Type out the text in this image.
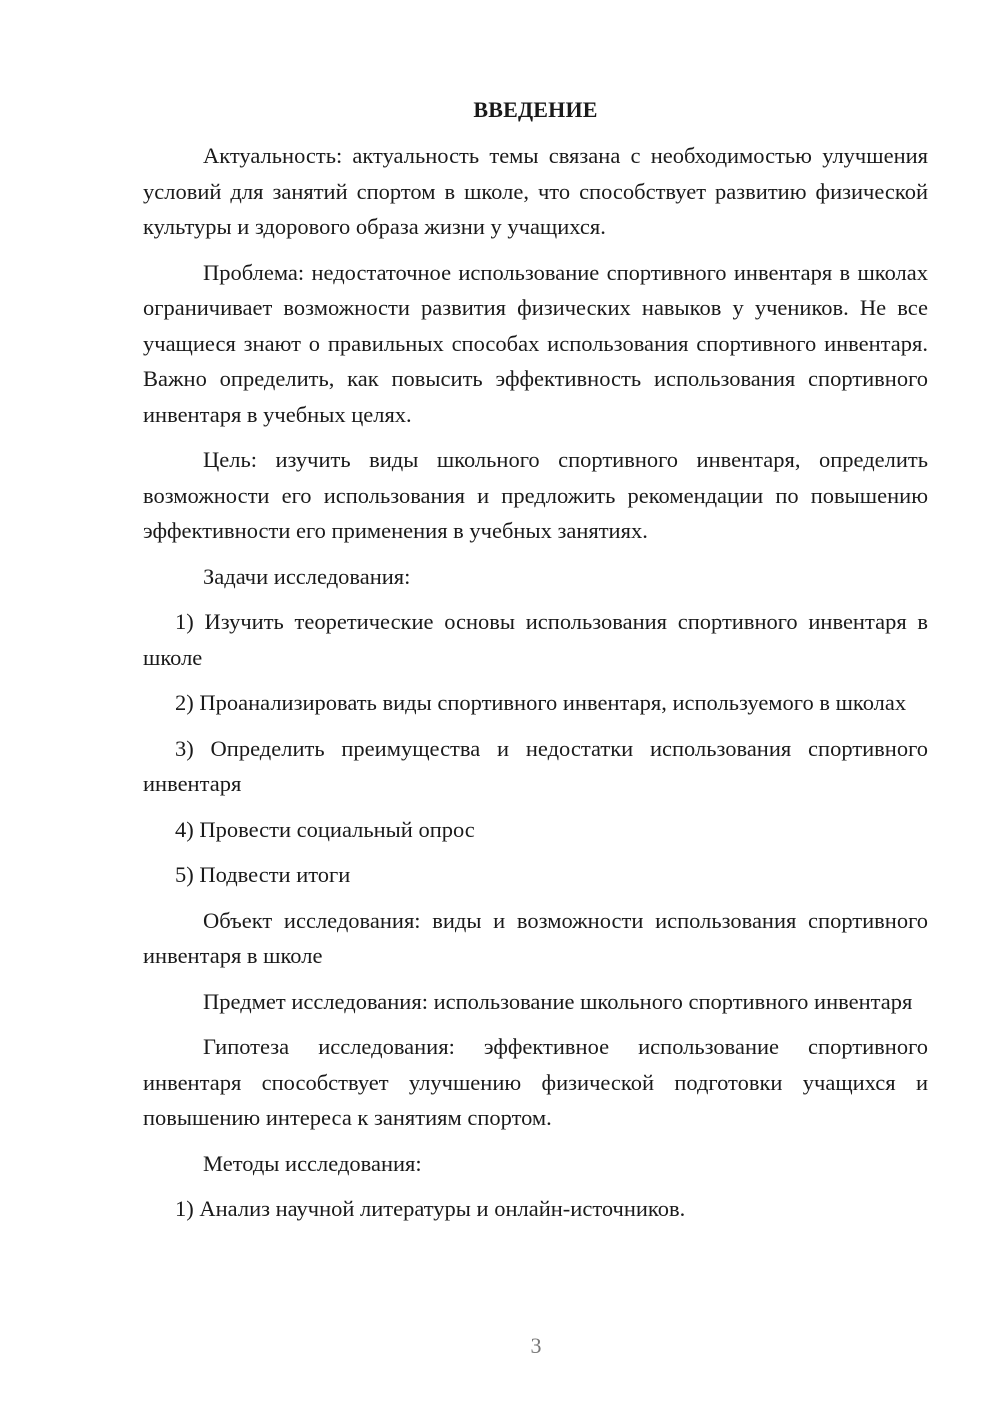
ВВЕДЕНИЕ

Актуальность: актуальность темы связана с необходимостью улучшения условий для занятий спортом в школе, что способствует развитию физической культуры и здорового образа жизни у учащихся.

Проблема: недостаточное использование спортивного инвентаря в школах ограничивает возможности развития физических навыков у учеников. Не все учащиеся знают о правильных способах использования спортивного инвентаря. Важно определить, как повысить эффективность использования спортивного инвентаря в учебных целях.

Цель: изучить виды школьного спортивного инвентаря, определить возможности его использования и предложить рекомендации по повышению эффективности его применения в учебных занятиях.

Задачи исследования:

1) Изучить теоретические основы использования спортивного инвентаря в школе

2) Проанализировать виды спортивного инвентаря, используемого в школах

3) Определить преимущества и недостатки использования спортивного инвентаря

4) Провести социальный опрос

5) Подвести итоги

Объект исследования: виды и возможности использования спортивного инвентаря в школе

Предмет исследования: использование школьного спортивного инвентаря

Гипотеза исследования: эффективное использование спортивного инвентаря способствует улучшению физической подготовки учащихся и повышению интереса к занятиям спортом.

Методы исследования:

1) Анализ научной литературы и онлайн-источников.

3
